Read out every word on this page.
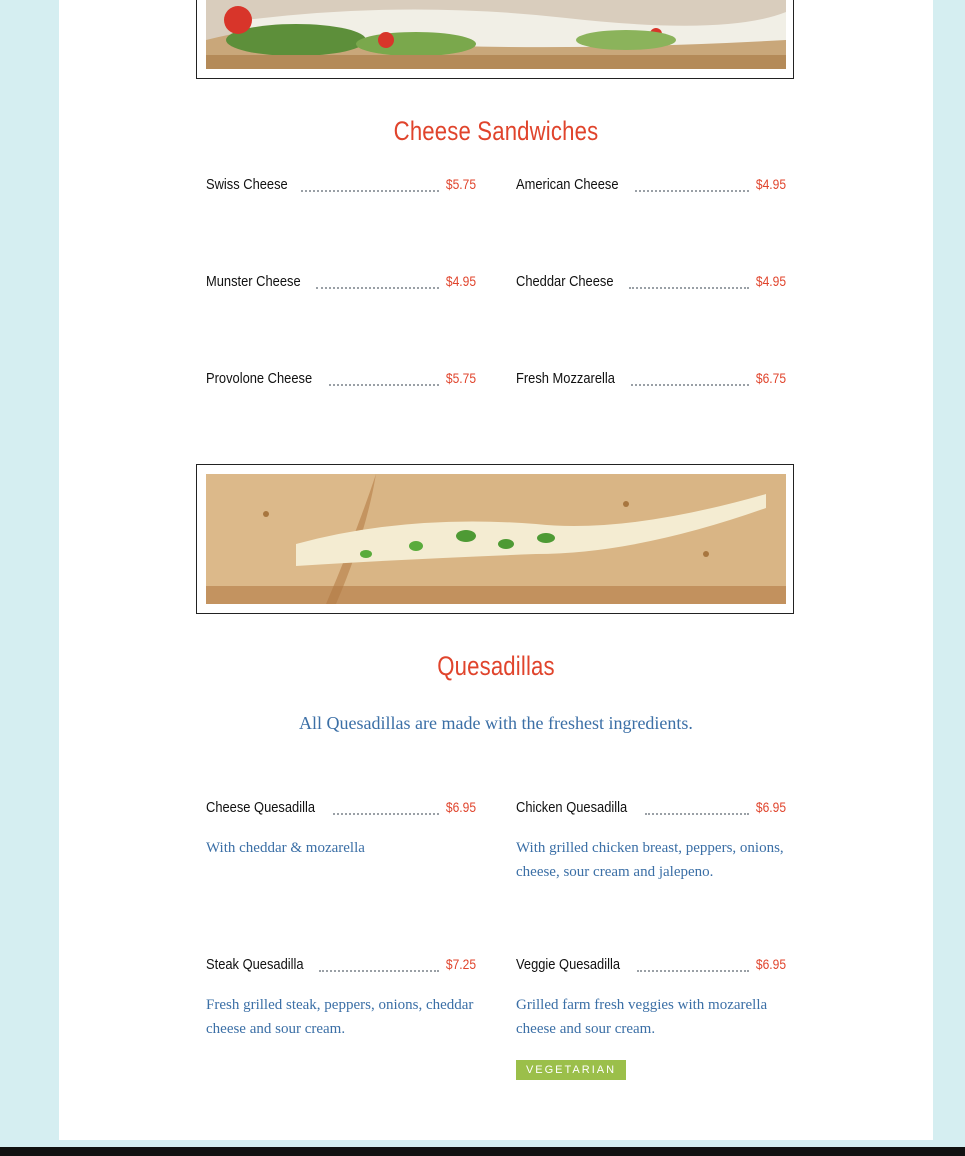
Cheese Sandwiches
Swiss Cheese	$5.75	American Cheese	$4.95
Munster Cheese	$4.95	Cheddar Cheese	$4.95
Provolone Cheese	$5.75	Fresh Mozzarella	$6.75
Quesadillas
All Quesadillas are made with the freshest ingredients.
Cheese Quesadilla	$6.95
With cheddar & mozarella
Chicken Quesadilla	$6.95
With grilled chicken breast, peppers, onions, cheese, sour cream and jalepeno.
Steak Quesadilla	$7.25
Fresh grilled steak, peppers, onions, cheddar cheese and sour cream.
Veggie Quesadilla	$6.95
Grilled farm fresh veggies with mozarella cheese and sour cream.
VEGETARIAN
